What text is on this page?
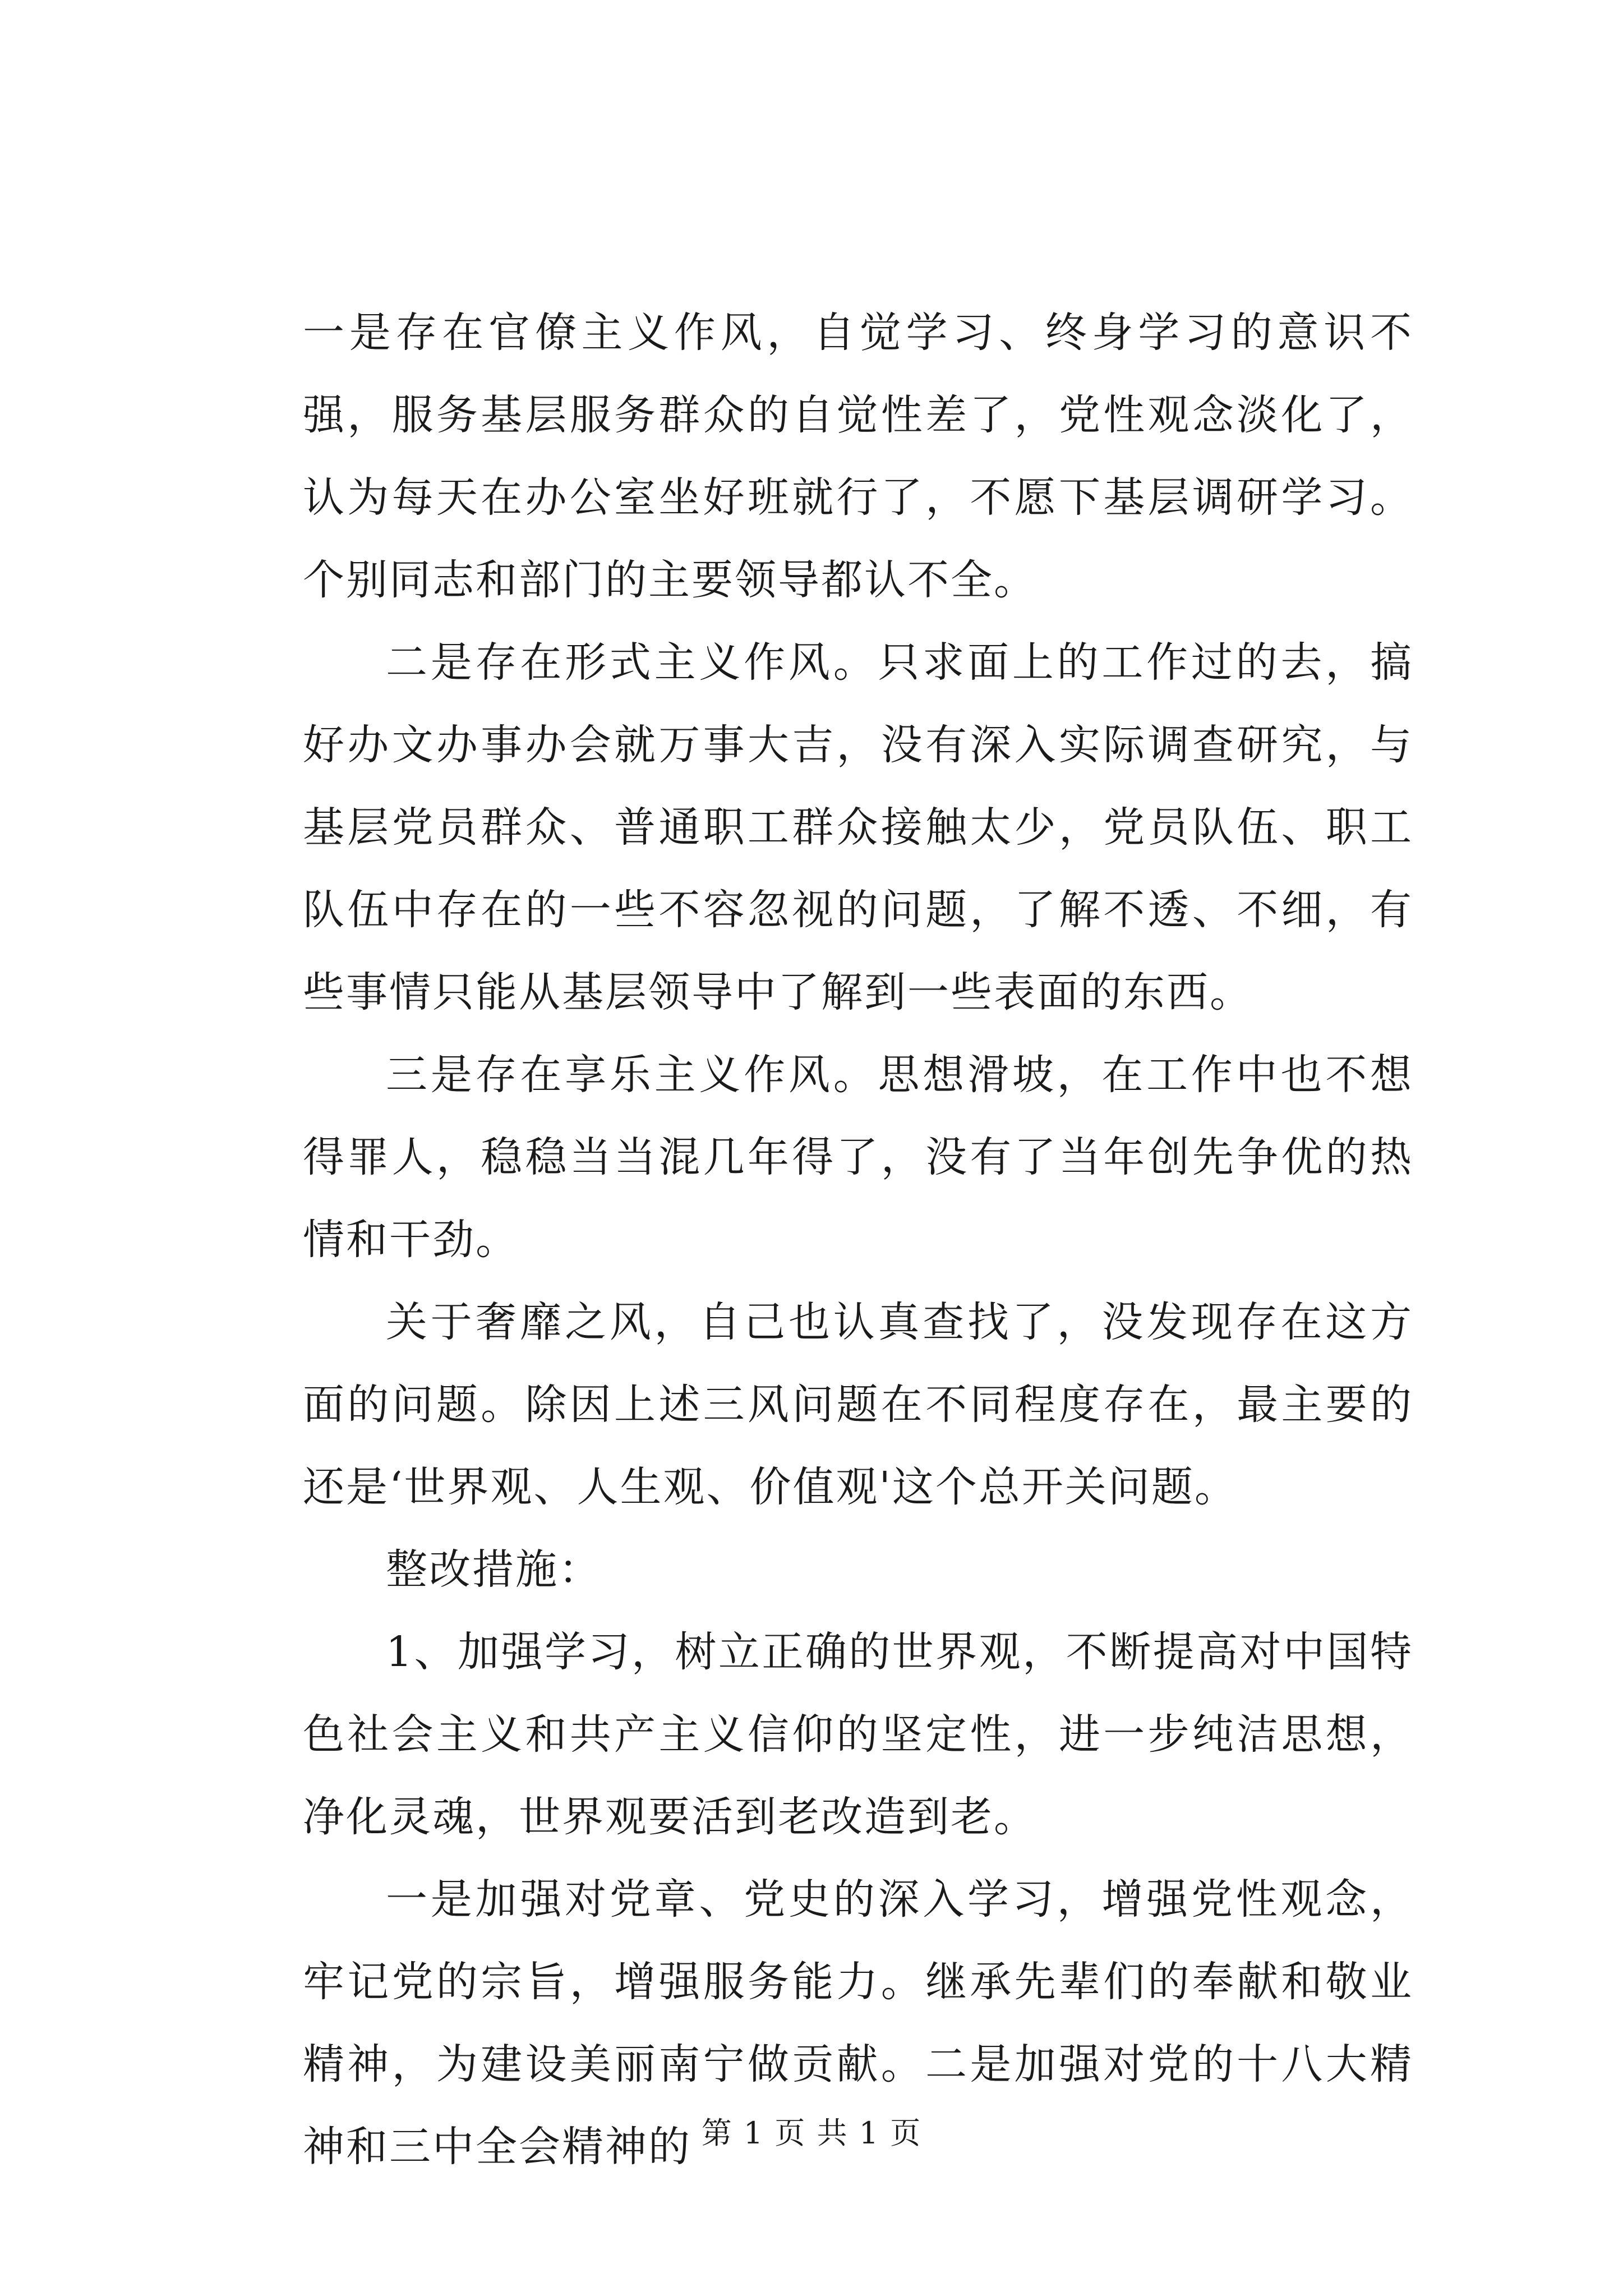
一是存在官僚主义作风，自觉学习、终身学习的意识不强，服务基层服务群众的自觉性差了，党性观念淡化了，认为每天在办公室坐好班就行了，不愿下基层调研学习。个别同志和部门的主要领导都认不全。

二是存在形式主义作风。只求面上的工作过的去，搞好办文办事办会就万事大吉，没有深入实际调查研究，与基层党员群众、普通职工群众接触太少，党员队伍、职工队伍中存在的一些不容忽视的问题，了解不透、不细，有些事情只能从基层领导中了解到一些表面的东西。

三是存在享乐主义作风。思想滑坡，在工作中也不想得罪人，稳稳当当混几年得了，没有了当年创先争优的热情和干劲。

关于奢靡之风，自己也认真查找了，没发现存在这方面的问题。除因上述三风问题在不同程度存在，最主要的还是‘世界观、人生观、价值观'这个总开关问题。

整改措施：

1、加强学习，树立正确的世界观，不断提高对中国特色社会主义和共产主义信仰的坚定性，进一步纯洁思想，净化灵魂，世界观要活到老改造到老。

一是加强对党章、党史的深入学习，增强党性观念，牢记党的宗旨，增强服务能力。继承先辈们的奉献和敬业精神，为建设美丽南宁做贡献。二是加强对党的十八大精神和三中全会精神的 第 1 页 共 1 页
